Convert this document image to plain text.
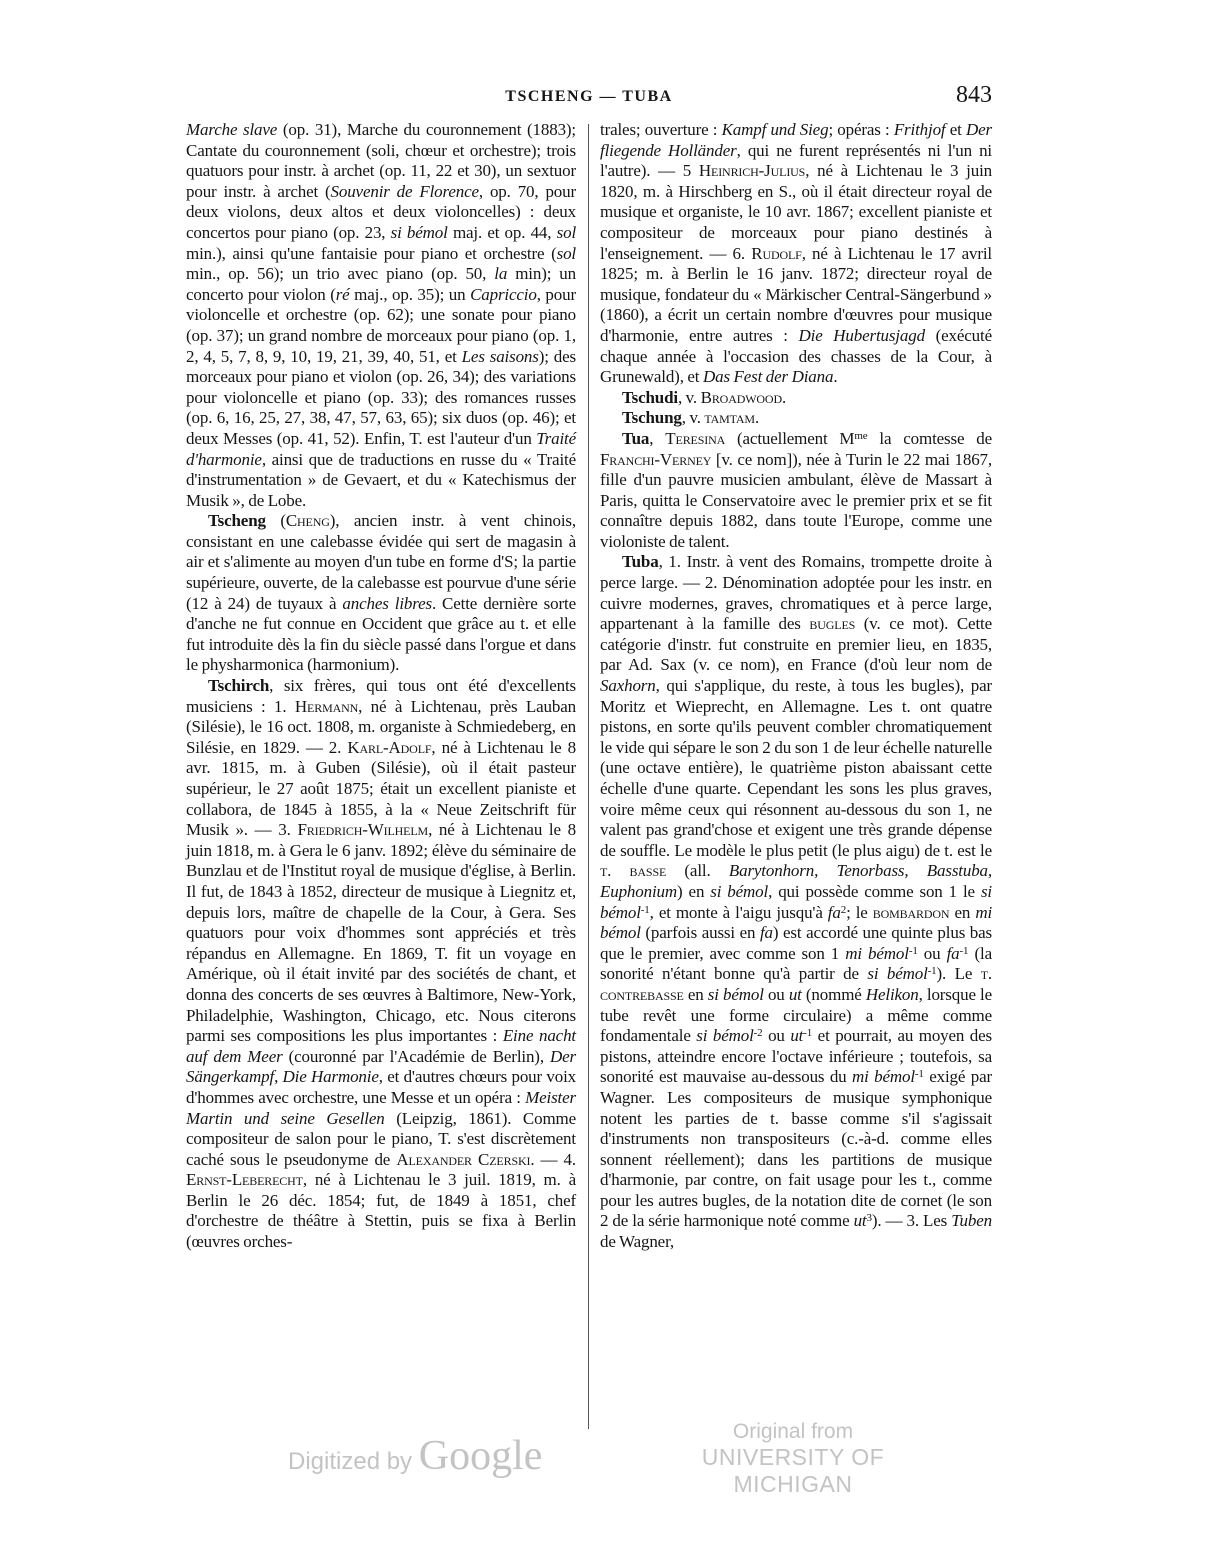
TSCHENG — TUBA	843

Marche slave (op. 31), Marche du couronnement (1883); Cantate du couronnement (soli, chœur et orchestre); trois quatuors pour instr. à archet (op. 11, 22 et 30), un sextuor pour instr. à archet (Souvenir de Florence, op. 70, pour deux violons, deux altos et deux violoncelles) : deux concertos pour piano (op. 23, si bémol maj. et op. 44, sol min.), ainsi qu'une fantaisie pour piano et orchestre (sol min., op. 56); un trio avec piano (op. 50, la min); un concerto pour violon (ré maj., op. 35); un Capriccio, pour violoncelle et orchestre (op. 62); une sonate pour piano (op. 37); un grand nombre de morceaux pour piano (op. 1, 2, 4, 5, 7, 8, 9, 10, 19, 21, 39, 40, 51, et Les saisons); des morceaux pour piano et violon (op. 26, 34); des variations pour violoncelle et piano (op. 33); des romances russes (op. 6, 16, 25, 27, 38, 47, 57, 63, 65); six duos (op. 46); et deux Messes (op. 41, 52). Enfin, T. est l'auteur d'un Traité d'harmonie, ainsi que de traductions en russe du « Traité d'instrumentation » de Gevaert, et du « Katechismus der Musik », de Lobe.

Tscheng (Cheng), ancien instr. à vent chinois, consistant en une calebasse évidée qui sert de magasin à air et s'alimente au moyen d'un tube en forme d'S; la partie supérieure, ouverte, de la calebasse est pourvue d'une série (12 à 24) de tuyaux à anches libres. Cette dernière sorte d'anche ne fut connue en Occident que grâce au t. et elle fut introduite dès la fin du siècle passé dans l'orgue et dans le physharmonica (harmonium).

Tschirch, six frères, qui tous ont été d'excellents musiciens : 1. Hermann, né à Lichtenau, près Lauban (Silésie), le 16 oct. 1808, m. organiste à Schmiedeberg, en Silésie, en 1829. — 2. Karl-Adolf, né à Lichtenau le 8 avr. 1815, m. à Guben (Silésie), où il était pasteur supérieur, le 27 août 1875; était un excellent pianiste et collabora, de 1845 à 1855, à la « Neue Zeitschrift für Musik ». — 3. Friedrich-Wilhelm, né à Lichtenau le 8 juin 1818, m. à Gera le 6 janv. 1892; élève du séminaire de Bunzlau et de l'Institut royal de musique d'église, à Berlin. Il fut, de 1843 à 1852, directeur de musique à Liegnitz et, depuis lors, maître de chapelle de la Cour, à Gera. Ses quatuors pour voix d'hommes sont appréciés et très répandus en Allemagne. En 1869, T. fit un voyage en Amérique, où il était invité par des sociétés de chant, et donna des concerts de ses œuvres à Baltimore, New-York, Philadelphie, Washington, Chicago, etc. Nous citerons parmi ses compositions les plus importantes : Eine nacht auf dem Meer (couronné par l'Académie de Berlin), Der Sängerkampf, Die Harmonie, et d'autres chœurs pour voix d'hommes avec orchestre, une Messe et un opéra : Meister Martin und seine Gesellen (Leipzig, 1861). Comme compositeur de salon pour le piano, T. s'est discrètement caché sous le pseudonyme de Alexander Czerski. — 4. Ernst-Leberecht, né à Lichtenau le 3 juil. 1819, m. à Berlin le 26 déc. 1854; fut, de 1849 à 1851, chef d'orchestre de théâtre à Stettin, puis se fixa à Berlin (œuvres orches-

trales; ouverture : Kampf und Sieg; opéras : Frithjof et Der fliegende Holländer, qui ne furent représentés ni l'un ni l'autre). — 5 Heinrich-Julius, né à Lichtenau le 3 juin 1820, m. à Hirschberg en S., où il était directeur royal de musique et organiste, le 10 avr. 1867; excellent pianiste et compositeur de morceaux pour piano destinés à l'enseignement. — 6. Rudolf, né à Lichtenau le 17 avril 1825; m. à Berlin le 16 janv. 1872; directeur royal de musique, fondateur du « Märkischer Central-Sängerbund » (1860), a écrit un certain nombre d'œuvres pour musique d'harmonie, entre autres : Die Hubertusjagd (exécuté chaque année à l'occasion des chasses de la Cour, à Grunewald), et Das Fest der Diana.

Tschudi, v. Broadwood.

Tschung, v. tamtam.

Tua, Teresina (actuellement $M^{me}$ la comtesse de Franchi-Verney [v. ce nom]), née à Turin le 22 mai 1867, fille d'un pauvre musicien ambulant, élève de Massart à Paris, quitta le Conservatoire avec le premier prix et se fit connaître depuis 1882, dans toute l'Europe, comme une violoniste de talent.

Tuba, 1. Instr. à vent des Romains, trompette droite à perce large. — 2. Dénomination adoptée pour les instr. en cuivre modernes, graves, chromatiques et à perce large, appartenant à la famille des bugles (v. ce mot). Cette catégorie d'instr. fut construite en premier lieu, en 1835, par Ad. Sax (v. ce nom), en France (d'où leur nom de Saxhorn, qui s'applique, du reste, à tous les bugles), par Moritz et Wieprecht, en Allemagne. Les t. ont quatre pistons, en sorte qu'ils peuvent combler chromatiquement le vide qui sépare le son 2 du son 1 de leur échelle naturelle (une octave entière), le quatrième piston abaissant cette échelle d'une quarte. Cependant les sons les plus graves, voire même ceux qui résonnent au-dessous du son 1, ne valent pas grand'chose et exigent une très grande dépense de souffle. Le modèle le plus petit (le plus aigu) de t. est le t. basse (all. Barytonhorn, Tenorbass, Basstuba, Euphonium) en si bémol, qui possède comme son 1 le si bémol$^{-1}$, et monte à l'aigu jusqu'à $fa^2$; le bombardon en mi bémol (parfois aussi en fa) est accordé une quinte plus bas que le premier, avec comme son 1 mi bémol$^{-1}$ ou $fa^{-1}$ (la sonorité n'étant bonne qu'à partir de si bémol$^{-1}$). Le t. contrebasse en si bémol ou ut (nommé Helikon, lorsque le tube revêt une forme circulaire) a même comme fondamentale si bémol$^{-2}$ ou $ut^{-1}$ et pourrait, au moyen des pistons, atteindre encore l'octave inférieure ; toutefois, sa sonorité est mauvaise au-dessous du mi bémol$^{-1}$ exigé par Wagner. Les compositeurs de musique symphonique notent les parties de t. basse comme s'il s'agissait d'instruments non transpositeurs (c.-à-d. comme elles sonnent réellement); dans les partitions de musique d'harmonie, par contre, on fait usage pour les t., comme pour les autres bugles, de la notation dite de cornet (le son 2 de la série harmonique noté comme $ut^3$). — 3. Les Tuben de Wagner,

Digitized by Google
Original from
UNIVERSITY OF MICHIGAN
